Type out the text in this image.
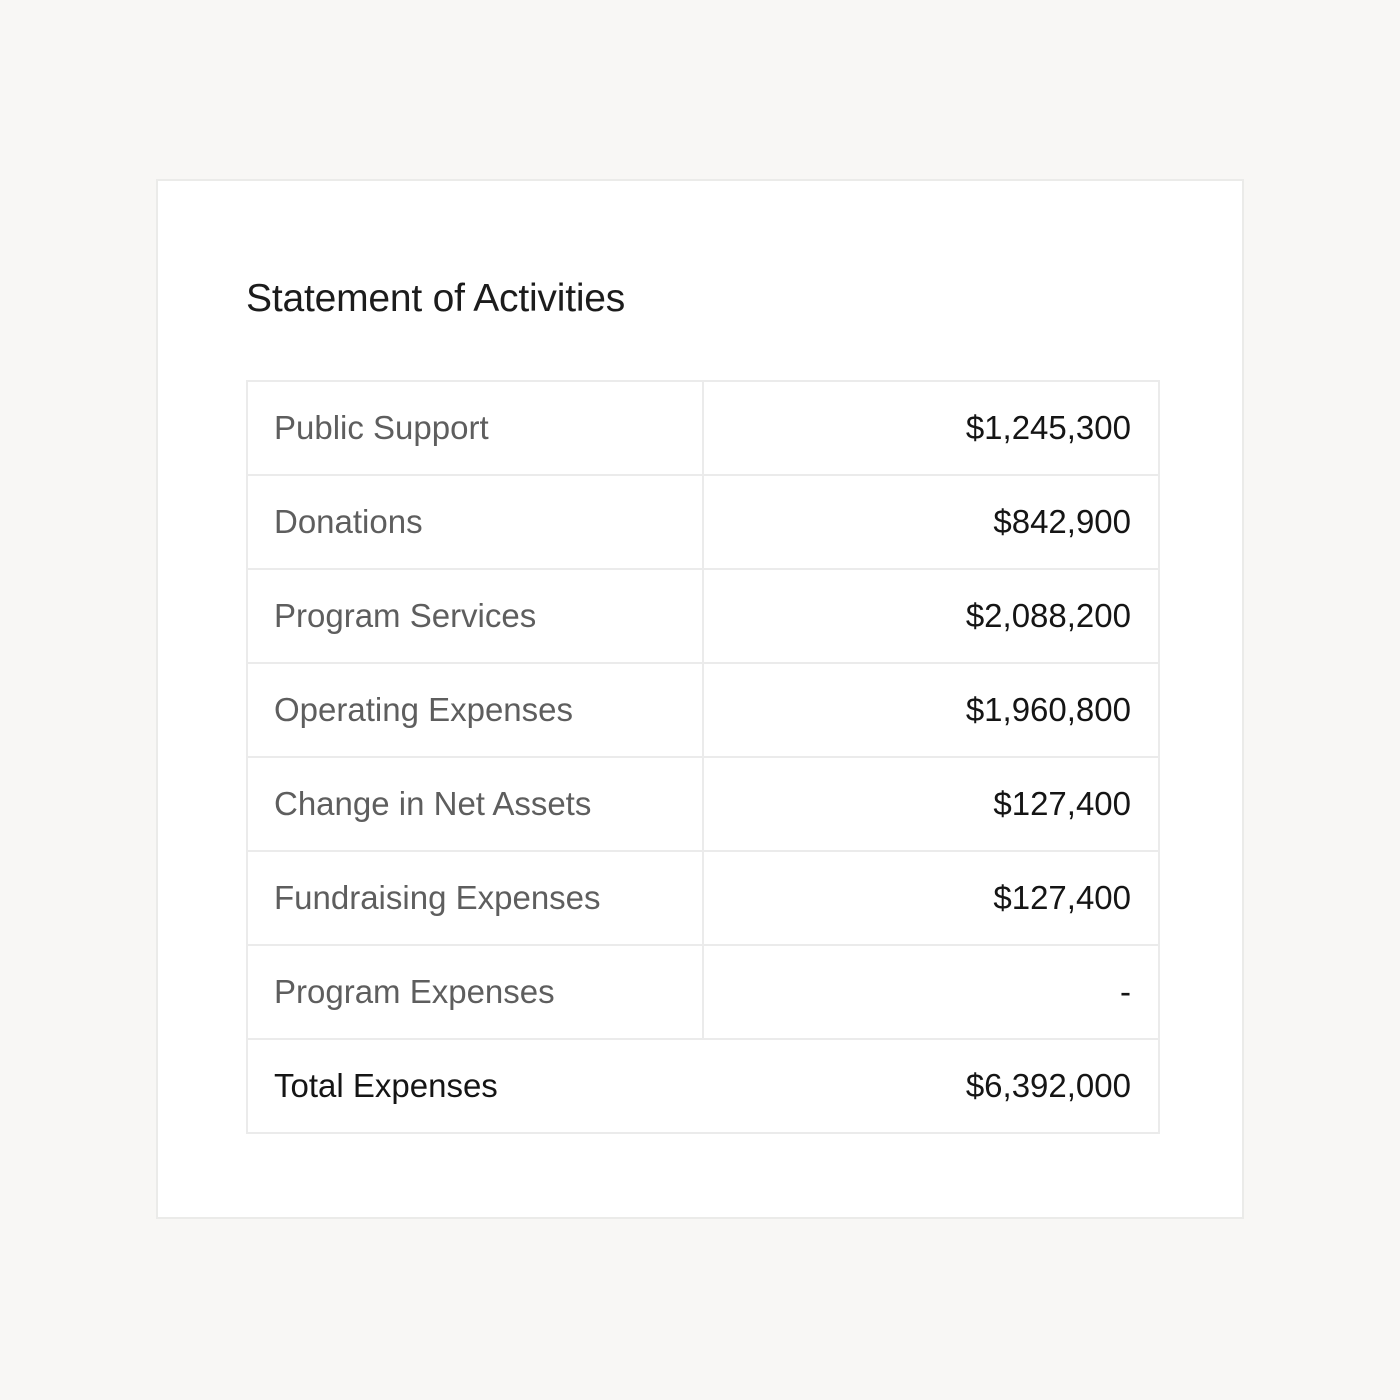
Statement of Activities
Public Support	$1,245,300
Donations	$842,900
Program Services	$2,088,200
Operating Expenses	$1,960,800
Change in Net Assets	$127,400
Fundraising Expenses	$127,400
Program Expenses	-
Total Expenses	$6,392,000
